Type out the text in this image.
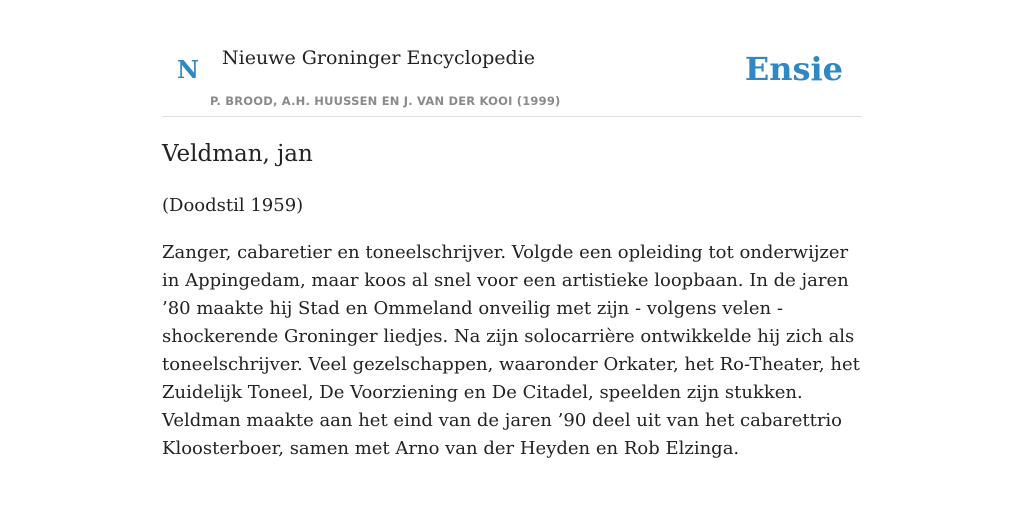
N Nieuwe Groninger Encyclopedie
P. BROOD, A.H. HUUSSEN EN J. VAN DER KOOI (1999)
Ensie
Veldman, jan

(Doodstil 1959)

Zanger, cabaretier en toneelschrijver. Volgde een opleiding tot onderwijzer in Appingedam, maar koos al snel voor een artistieke loopbaan. In de jaren ’80 maakte hij Stad en Ommeland onveilig met zijn - volgens velen - shockerende Groninger liedjes. Na zijn solocarrière ontwikkelde hij zich als toneelschrijver. Veel gezelschappen, waaronder Orkater, het Ro-Theater, het Zuidelijk Toneel, De Voorziening en De Citadel, speelden zijn stukken. Veldman maakte aan het eind van de jaren ’90 deel uit van het cabarettrio Kloosterboer, samen met Arno van der Heyden en Rob Elzinga.
